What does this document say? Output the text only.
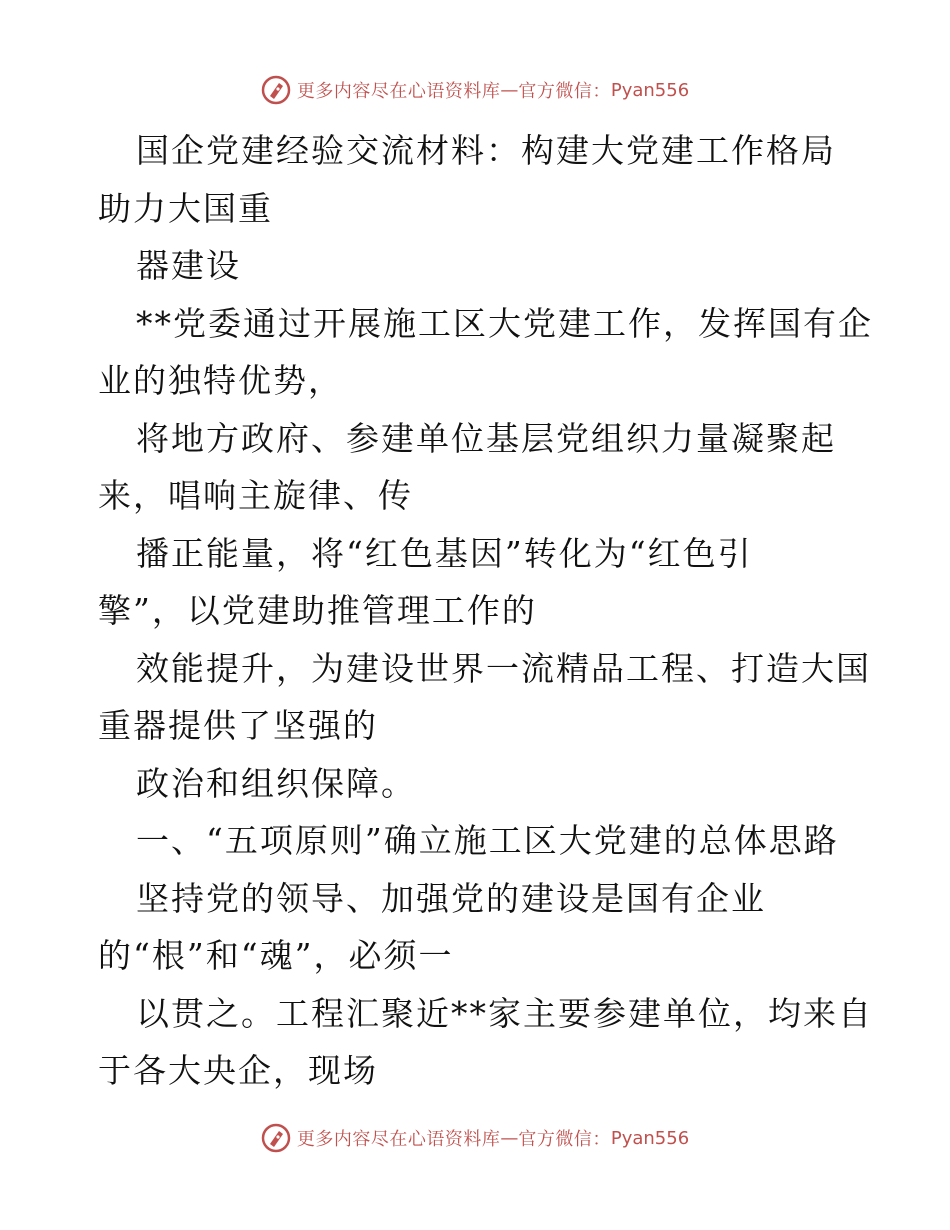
更多内容尽在心语资料库 — 官方微信： Pyan556
国企党建经验交流材料：构建大党建工作格局
助力大国重
器建设
**党委通过开展施工区大党建工作，发挥国有企
业的独特优势，
将地方政府、参建单位基层党组织力量凝聚起
来，唱响主旋律、传
播正能量，将“红色基因”转化为“红色引
擎”，以党建助推管理工作的
效能提升，为建设世界一流精品工程、打造大国
重器提供了坚强的
政治和组织保障。
一、“五项原则”确立施工区大党建的总体思路
坚持党的领导、加强党的建设是国有企业
的“根”和“魂”，必须一
以贯之。工程汇聚近**家主要参建单位，均来自
于各大央企，现场
更多内容尽在心语资料库 — 官方微信： Pyan556
